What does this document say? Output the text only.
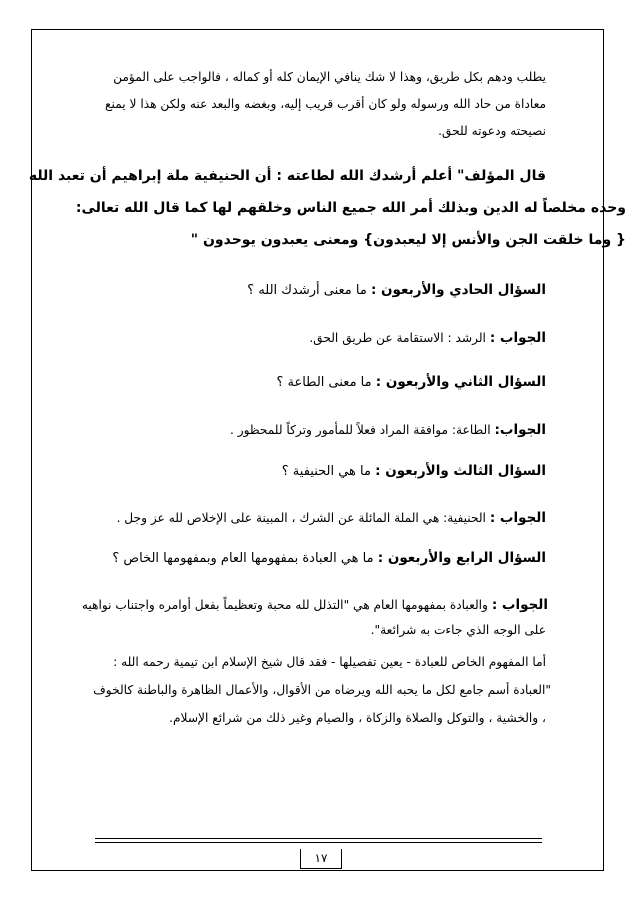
يطلب ودهم بكل طريق، وهذا لا شك ينافي الإيمان كله أو كماله ، فالواجب على المؤمن
معاداة من حاد الله ورسوله ولو كان أقرب قريب إليه، وبغضه والبعد عنه ولكن هذا لا يمنع
نصيحته ودعوته للحق.
قال المؤلف" أعلم أرشدك الله لطاعته : أن الحنيفية ملة إبراهيم أن تعبد الله
وحده مخلصاً له الدين وبذلك أمر الله جميع الناس وخلقهم لها كما قال الله تعالى:
{ وما خلقت الجن والأنس إلا ليعبدون} ومعنى يعبدون يوحدون "
السؤال الحادي والأربعون : ما معنى أرشدك الله ؟
الجواب : الرشد : الاستقامة عن طريق الحق.
السؤال الثاني والأربعون : ما معنى الطاعة ؟
الجواب: الطاعة: موافقة المراد فعلاً للمأمور وتركاً للمحظور .
السؤال الثالث والأربعون : ما هي الحنيفية ؟
الجواب : الحنيفية: هي الملة المائلة عن الشرك ، المبينة على الإخلاص لله عز وجل .
السؤال الرابع والأربعون : ما هي العبادة بمفهومها العام وبمفهومها الخاص ؟
الجواب : والعبادة بمفهومها العام هي "التذلل لله محبة وتعظيماً بفعل أوامره واجتناب نواهيه
على الوجه الذي جاءت به شرائعة".
أما المفهوم الخاص للعبادة - يعين تفصيلها - فقد قال شيخ الإسلام ابن تيمية رحمه الله :
"العبادة أسم جامع لكل ما يحبه الله ويرضاه من الأقوال، والأعمال الظاهرة والباطنة كالخوف
، والخشية ، والتوكل والصلاة والزكاة ، والصيام وغير ذلك من شرائع الإسلام.
١٧
